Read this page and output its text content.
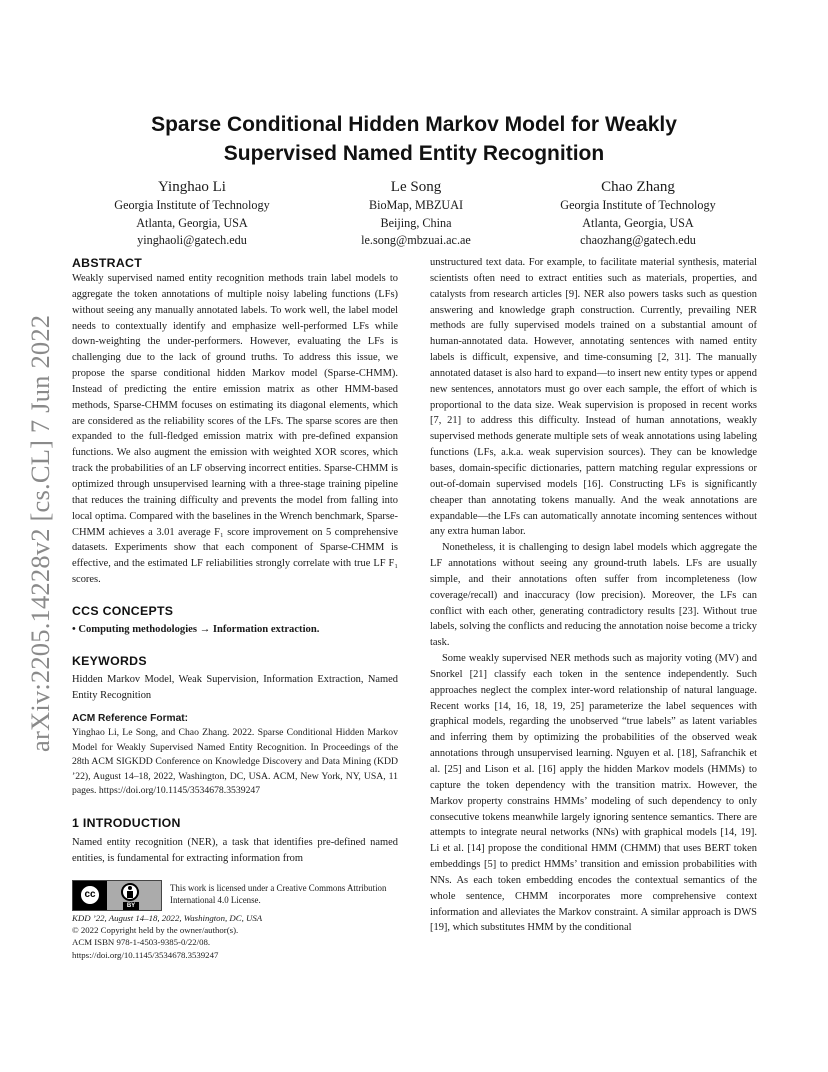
arXiv:2205.14228v2 [cs.CL] 7 Jun 2022
Sparse Conditional Hidden Markov Model for Weakly
Supervised Named Entity Recognition
Yinghao Li
Georgia Institute of Technology
Atlanta, Georgia, USA
yinghaoli@gatech.edu
Le Song
BioMap, MBZUAI
Beijing, China
le.song@mbzuai.ac.ae
Chao Zhang
Georgia Institute of Technology
Atlanta, Georgia, USA
chaozhang@gatech.edu
ABSTRACT

Weakly supervised named entity recognition methods train label models to aggregate the token annotations of multiple noisy labeling functions (LFs) without seeing any manually annotated labels. To work well, the label model needs to contextually identify and emphasize well-performed LFs while down-weighting the under-performers. However, evaluating the LFs is challenging due to the lack of ground truths. To address this issue, we propose the sparse conditional hidden Markov model (Sparse-CHMM). Instead of predicting the entire emission matrix as other HMM-based methods, Sparse-CHMM focuses on estimating its diagonal elements, which are considered as the reliability scores of the LFs. The sparse scores are then expanded to the full-fledged emission matrix with pre-defined expansion functions. We also augment the emission with weighted XOR scores, which track the probabilities of an LF observing incorrect entities. Sparse-CHMM is optimized through unsupervised learning with a three-stage training pipeline that reduces the training difficulty and prevents the model from falling into local optima. Compared with the baselines in the Wrench benchmark, Sparse-CHMM achieves a 3.01 average F₁ score improvement on 5 comprehensive datasets. Experiments show that each component of Sparse-CHMM is effective, and the estimated LF reliabilities strongly correlate with true LF F₁ scores.

CCS CONCEPTS

• Computing methodologies → Information extraction.

KEYWORDS

Hidden Markov Model, Weak Supervision, Information Extraction, Named Entity Recognition

ACM Reference Format:

Yinghao Li, Le Song, and Chao Zhang. 2022. Sparse Conditional Hidden Markov Model for Weakly Supervised Named Entity Recognition. In Proceedings of the 28th ACM SIGKDD Conference on Knowledge Discovery and Data Mining (KDD ’22), August 14–18, 2022, Washington, DC, USA. ACM, New York, NY, USA, 11 pages. https://doi.org/10.1145/3534678.3539247

1 INTRODUCTION

Named entity recognition (NER), a task that identifies pre-defined named entities, is fundamental for extracting information from

cc
BY
This work is licensed under a Creative Commons Attribution International 4.0 License.
KDD ’22, August 14–18, 2022, Washington, DC, USA
© 2022 Copyright held by the owner/author(s).
ACM ISBN 978-1-4503-9385-0/22/08.
https://doi.org/10.1145/3534678.3539247

unstructured text data. For example, to facilitate material synthesis, material scientists often need to extract entities such as materials, properties, and catalysts from research articles [9]. NER also powers tasks such as question answering and knowledge graph construction. Currently, prevailing NER methods are fully supervised models trained on a substantial amount of human-annotated data. However, annotating sentences with named entity labels is difficult, expensive, and time-consuming [2, 31]. The manually annotated dataset is also hard to expand—to insert new entity types or append new sentences, annotators must go over each sample, the effort of which is proportional to the data size. Weak supervision is proposed in recent works [7, 21] to address this difficulty. Instead of human annotations, weakly supervised methods generate multiple sets of weak annotations using labeling functions (LFs, a.k.a. weak supervision sources). They can be knowledge bases, domain-specific dictionaries, pattern matching regular expressions or out-of-domain supervised models [16]. Constructing LFs is significantly cheaper than annotating tokens manually. And the weak annotations are expandable—the LFs can automatically annotate incoming sentences without any extra human labor.

Nonetheless, it is challenging to design label models which aggregate the LF annotations without seeing any ground-truth labels. LFs are usually simple, and their annotations often suffer from incompleteness (low coverage/recall) and inaccuracy (low precision). Moreover, the LFs can conflict with each other, generating contradictory results [23]. Without true labels, solving the conflicts and reducing the annotation noise become a tricky task.

Some weakly supervised NER methods such as majority voting (MV) and Snorkel [21] classify each token in the sentence independently. Such approaches neglect the complex inter-word relationship of natural language. Recent works [14, 16, 18, 19, 25] parameterize the label sequences with graphical models, regarding the unobserved “true labels” as latent variables and inferring them by optimizing the probabilities of the observed weak annotations through unsupervised learning. Nguyen et al. [18], Safranchik et al. [25] and Lison et al. [16] apply the hidden Markov models (HMMs) to capture the token dependency with the transition matrix. However, the Markov property constrains HMMs’ modeling of such dependency to only consecutive tokens meanwhile largely ignoring sentence semantics. There are attempts to integrate neural networks (NNs) with graphical models [14, 19]. Li et al. [14] propose the conditional HMM (CHMM) that uses BERT token embeddings [5] to predict HMMs’ transition and emission probabilities with NNs. As each token embedding encodes the contextual semantics of the whole sentence, CHMM incorporates more comprehensive context information and alleviates the Markov constraint. A similar approach is DWS [19], which substitutes HMM by the conditional
